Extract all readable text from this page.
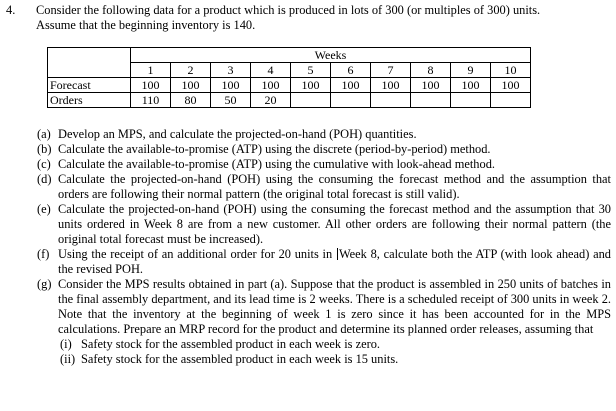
4. Consider the following data for a product which is produced in lots of 300 (or multiples of 300) units.
Assume that the beginning inventory is 140.
	Weeks									
	1	2	3	4	5	6	7	8	9	10
Forecast	100	100	100	100	100	100	100	100	100	100
Orders	110	80	50	20						
(a) Develop an MPS, and calculate the projected-on-hand (POH) quantities.
(b) Calculate the available-to-promise (ATP) using the discrete (period-by-period) method.
(c) Calculate the available-to-promise (ATP) using the cumulative with look-ahead method.
(d) Calculate the projected-on-hand (POH) using the consuming the forecast method and the assumption that orders are following their normal pattern (the original total forecast is still valid).
(e) Calculate the projected-on-hand (POH) using the consuming the forecast method and the assumption that 30 units ordered in Week 8 are from a new customer. All other orders are following their normal pattern (the original total forecast must be increased).
(f) Using the receipt of an additional order for 20 units in Week 8, calculate both the ATP (with look ahead) and the revised POH.
(g) Consider the MPS results obtained in part (a). Suppose that the product is assembled in 250 units of batches in the final assembly department, and its lead time is 2 weeks. There is a scheduled receipt of 300 units in week 2. Note that the inventory at the beginning of week 1 is zero since it has been accounted for in the MPS calculations. Prepare an MRP record for the product and determine its planned order releases, assuming that
(i) Safety stock for the assembled product in each week is zero.
(ii) Safety stock for the assembled product in each week is 15 units.
